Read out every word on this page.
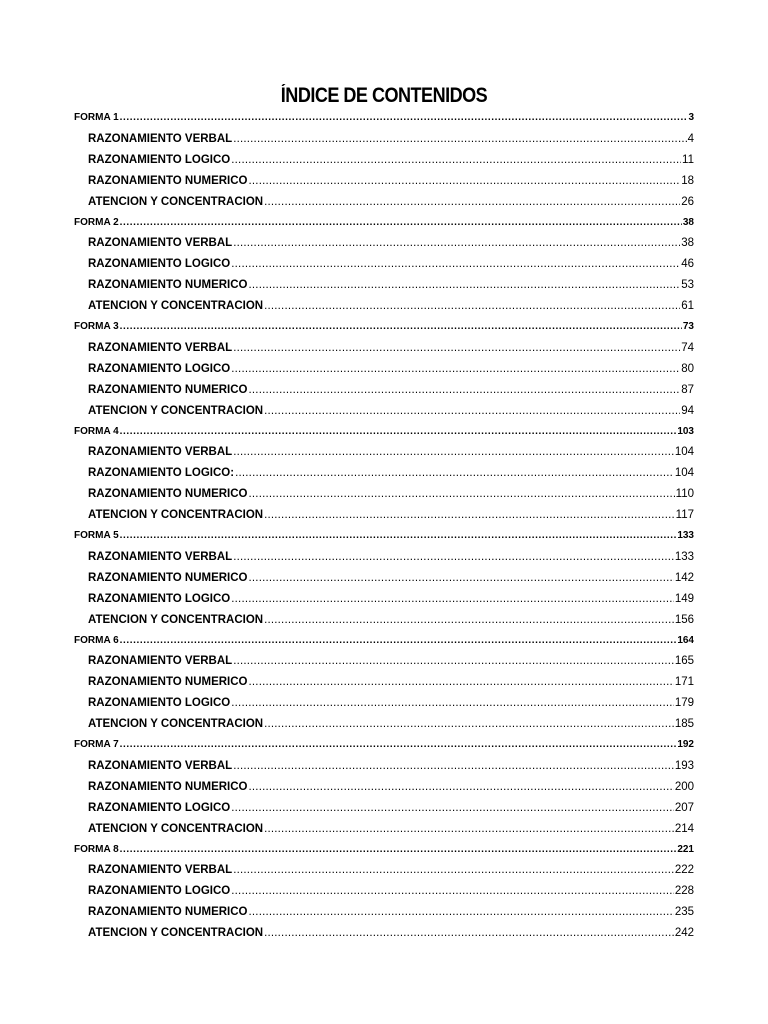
ÍNDICE DE CONTENIDOS
FORMA 1 .....	3
RAZONAMIENTO VERBAL .....	4
RAZONAMIENTO LÓGICO .....	11
RAZONAMIENTO NUMÉRICO .....	18
ATENCIÓN Y CONCENTRACIÓN .....	26
FORMA 2 .....	38
RAZONAMIENTO VERBAL .....	38
RAZONAMIENTO LÓGICO .....	46
RAZONAMIENTO NUMÉRICO .....	53
ATENCIÓN Y CONCENTRACIÓN .....	61
FORMA 3 .....	73
RAZONAMIENTO VERBAL .....	74
RAZONAMIENTO LÓGICO .....	80
RAZONAMIENTO NUMÉRICO .....	87
ATENCIÓN Y CONCENTRACIÓN .....	94
FORMA 4 .....	103
RAZONAMIENTO VERBAL .....	104
RAZONAMIENTO LÓGICO: .....	104
RAZONAMIENTO NUMÉRICO .....	110
ATENCIÓN Y CONCENTRACIÓN .....	117
FORMA 5 .....	133
RAZONAMIENTO VERBAL .....	133
RAZONAMIENTO NUMÉRICO .....	142
RAZONAMIENTO LÓGICO .....	149
ATENCIÓN Y CONCENTRACIÓN .....	156
FORMA 6 .....	164
RAZONAMIENTO VERBAL .....	165
RAZONAMIENTO NUMÉRICO .....	171
RAZONAMIENTO LÓGICO .....	179
ATENCIÓN Y CONCENTRACIÓN .....	185
FORMA 7 .....	192
RAZONAMIENTO VERBAL .....	193
RAZONAMIENTO NUMÉRICO .....	200
RAZONAMIENTO LÓGICO .....	207
ATENCIÓN Y CONCENTRACIÓN .....	214
FORMA 8 .....	221
RAZONAMIENTO VERBAL .....	222
RAZONAMIENTO LÓGICO .....	228
RAZONAMIENTO NUMÉRICO .....	235
ATENCIÓN Y CONCENTRACIÓN .....	242
